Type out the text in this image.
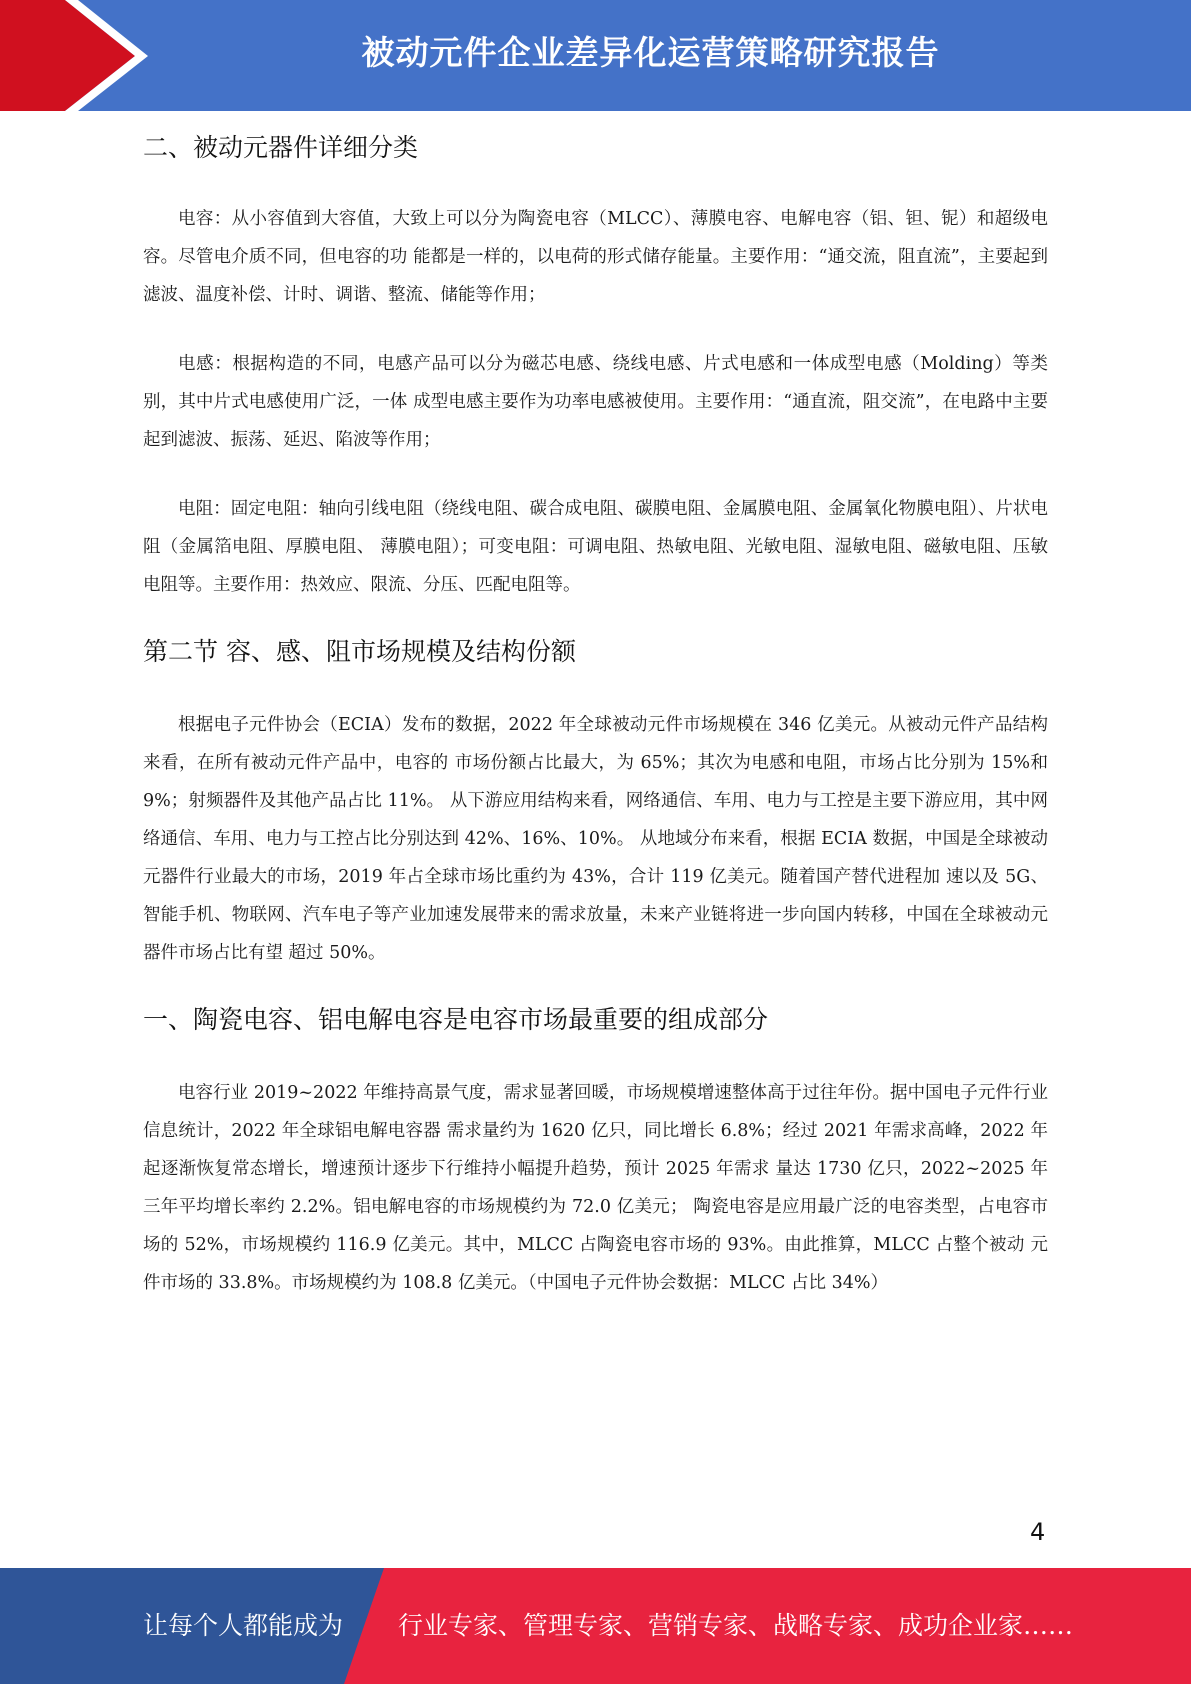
被动元件企业差异化运营策略研究报告
二、被动元器件详细分类

电容：从小容值到大容值，大致上可以分为陶瓷电容（MLCC）、薄膜电容、电解电容（铝、钽、铌）和超级电容。尽管电介质不同，但电容的功 能都是一样的，以电荷的形式储存能量。主要作用：“通交流，阻直流”，主要起到滤波、温度补偿、计时、调谐、整流、储能等作用；

电感：根据构造的不同，电感产品可以分为磁芯电感、绕线电感、片式电感和一体成型电感（Molding）等类别，其中片式电感使用广泛，一体 成型电感主要作为功率电感被使用。主要作用：“通直流，阻交流”，在电路中主要起到滤波、振荡、延迟、陷波等作用；

电阻：固定电阻：轴向引线电阻（绕线电阻、碳合成电阻、碳膜电阻、金属膜电阻、金属氧化物膜电阻）、片状电阻（金属箔电阻、厚膜电阻、 薄膜电阻）；可变电阻：可调电阻、热敏电阻、光敏电阻、湿敏电阻、磁敏电阻、压敏电阻等。主要作用：热效应、限流、分压、匹配电阻等。

第二节 容、感、阻市场规模及结构份额

根据电子元件协会（ECIA）发布的数据，2022 年全球被动元件市场规模在 346 亿美元。从被动元件产品结构来看，在所有被动元件产品中，电容的 市场份额占比最大，为 65%；其次为电感和电阻，市场占比分别为 15%和 9%；射频器件及其他产品占比 11%。 从下游应用结构来看，网络通信、车用、电力与工控是主要下游应用，其中网络通信、车用、电力与工控占比分别达到 42%、16%、10%。 从地域分布来看，根据 ECIA 数据，中国是全球被动元器件行业最大的市场，2019 年占全球市场比重约为 43%，合计 119 亿美元。随着国产替代进程加 速以及 5G、智能手机、物联网、汽车电子等产业加速发展带来的需求放量，未来产业链将进一步向国内转移，中国在全球被动元器件市场占比有望 超过 50%。

一、陶瓷电容、铝电解电容是电容市场最重要的组成部分

电容行业 2019~2022 年维持高景气度，需求显著回暖，市场规模增速整体高于过往年份。据中国电子元件行业信息统计，2022 年全球铝电解电容器 需求量约为 1620 亿只，同比增长 6.8%；经过 2021 年需求高峰，2022 年起逐渐恢复常态增长，增速预计逐步下行维持小幅提升趋势，预计 2025 年需求 量达 1730 亿只，2022~2025 年三年平均增长率约 2.2%。铝电解电容的市场规模约为 72.0 亿美元； 陶瓷电容是应用最广泛的电容类型，占电容市场的 52%，市场规模约 116.9 亿美元。其中，MLCC 占陶瓷电容市场的 93%。由此推算，MLCC 占整个被动 元件市场的 33.8%。市场规模约为 108.8 亿美元。（中国电子元件协会数据：MLCC 占比 34%）

4
让每个人都能成为 行业专家、管理专家、营销专家、战略专家、成功企业家……
